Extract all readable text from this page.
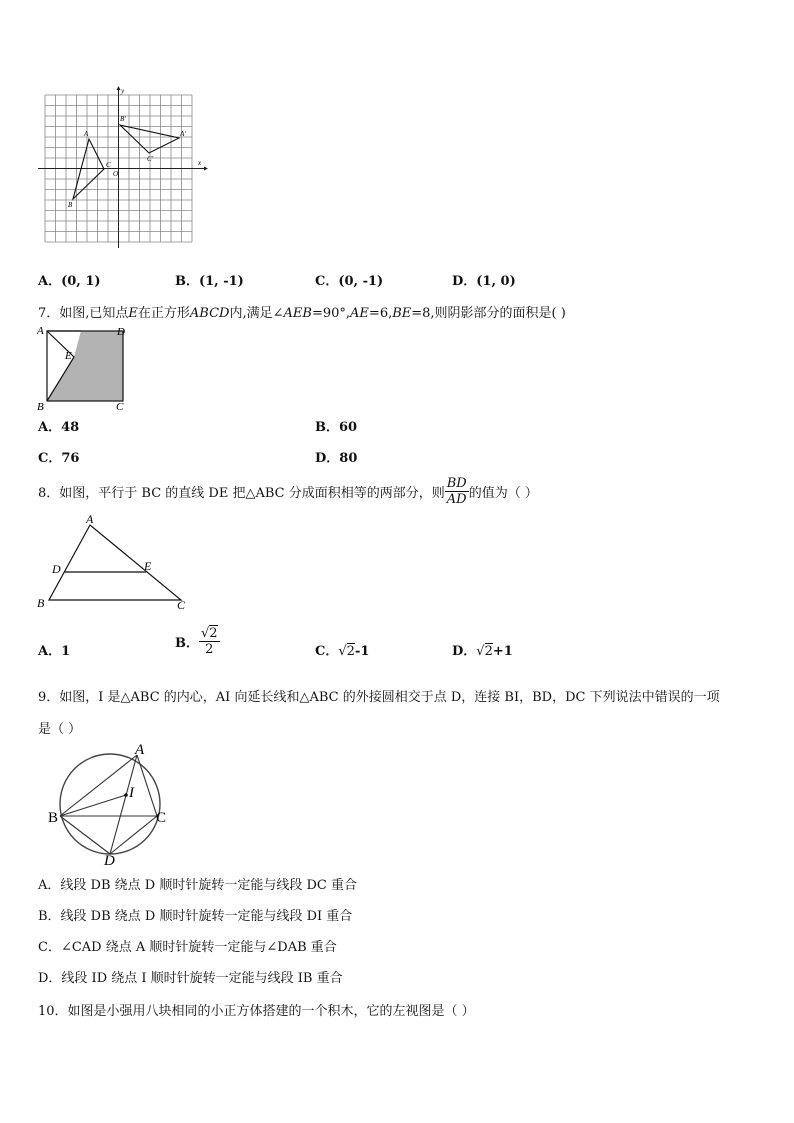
y
x
O
A
B
C
A'
B'
C'
A．(0, 1)	B．(1, -1)	C．(0, -1)	D．(1, 0)
7．如图,已知点E在正方形ABCD内,满足∠AEB=90°,AE=6,BE=8,则阴影部分的面积是( )
A	D
B	C
E
A．48	B．60
C．76	D．80
8．如图，平行于 BC 的直线 DE 把△ABC 分成面积相等的两部分，则 $\frac{BD}{AD}$ 的值为（ ）
A
D	E
B	C
A．1
B． $\frac{√2}{2}$	C．√2-1	D．√2+1
9．如图，I 是△ABC 的内心，AI 向延长线和△ABC 的外接圆相交于点 D，连接 BI，BD，DC 下列说法中错误的一项
是（ ）
A
I
B	C
D
A．线段 DB 绕点 D 顺时针旋转一定能与线段 DC 重合
B．线段 DB 绕点 D 顺时针旋转一定能与线段 DI 重合
C．∠CAD 绕点 A 顺时针旋转一定能与∠DAB 重合
D．线段 ID 绕点 I 顺时针旋转一定能与线段 IB 重合
10．如图是小强用八块相同的小正方体搭建的一个积木，它的左视图是（ ）
